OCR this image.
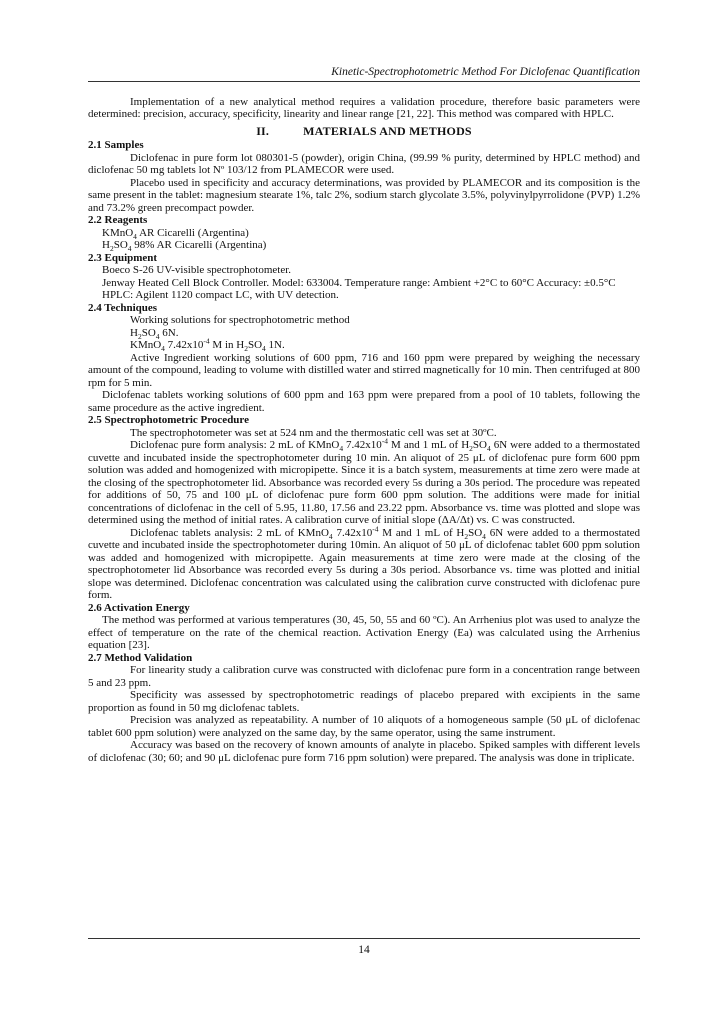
Kinetic-Spectrophotometric Method For Diclofenac Quantification

Implementation of a new analytical method requires a validation procedure, therefore basic parameters were determined: precision, accuracy, specificity, linearity and linear range [21, 22]. This method was compared with HPLC.

II.	MATERIALS AND METHODS
2.1 Samples

Diclofenac in pure form lot 080301-5 (powder), origin China, (99.99 % purity, determined by HPLC method) and diclofenac 50 mg tablets lot Nº 103/12 from PLAMECOR were used.

Placebo used in specificity and accuracy determinations, was provided by PLAMECOR and its composition is the same present in the tablet: magnesium stearate 1%, talc 2%, sodium starch glycolate 3.5%, polyvinylpyrrolidone (PVP) 1.2% and 73.2% green precompact powder.

2.2 Reagents

KMnO$_4$ AR Cicarelli (Argentina)

$H_2SO_4$ 98% AR Cicarelli (Argentina)

2.3 Equipment

Boeco S-26 UV-visible spectrophotometer.

Jenway Heated Cell Block Controller. Model: 633004. Temperature range: Ambient +2°C to 60°C Accuracy: ±0.5°C

HPLC: Agilent 1120 compact LC, with UV detection.

2.4 Techniques

Working solutions for spectrophotometric method

$H_2SO_4$ 6N.

KMnO$_4$ $7.42x10^{-4}$ M in $H_2SO_4$ 1N.

Active Ingredient working solutions of 600 ppm, 716 and 160 ppm were prepared by weighing the necessary amount of the compound, leading to volume with distilled water and stirred magnetically for 10 min. Then centrifuged at 800 rpm for 5 min.

Diclofenac tablets working solutions of 600 ppm and 163 ppm were prepared from a pool of 10 tablets, following the same procedure as the active ingredient.

2.5 Spectrophotometric Procedure

The spectrophotometer was set at 524 nm and the thermostatic cell was set at 30ºC.

Diclofenac pure form analysis: 2 mL of KMnO$_4$ $7.42x10^{-4}$ M and 1 mL of $H_2SO_4$ 6N were added to a thermostated cuvette and incubated inside the spectrophotometer during 10 min. An aliquot of 25 μL of diclofenac pure form 600 ppm solution was added and homogenized with micropipette. Since it is a batch system, measurements at time zero were made at the closing of the spectrophotometer lid. Absorbance was recorded every 5s during a 30s period. The procedure was repeated for additions of 50, 75 and 100 μL of diclofenac pure form 600 ppm solution. The additions were made for initial concentrations of diclofenac in the cell of 5.95, 11.80, 17.56 and 23.22 ppm. Absorbance vs. time was plotted and slope was determined using the method of initial rates. A calibration curve of initial slope (ΔA/Δt) vs. C was constructed.

Diclofenac tablets analysis: 2 mL of KMnO$_4$ $7.42x10^{-4}$ M and 1 mL of $H_2SO_4$ 6N were added to a thermostated cuvette and incubated inside the spectrophotometer during 10min. An aliquot of 50 μL of diclofenac tablet 600 ppm solution was added and homogenized with micropipette. Again measurements at time zero were made at the closing of the spectrophotometer lid Absorbance was recorded every 5s during a 30s period. Absorbance vs. time was plotted and initial slope was determined. Diclofenac concentration was calculated using the calibration curve constructed with diclofenac pure form.

2.6 Activation Energy

The method was performed at various temperatures (30, 45, 50, 55 and 60 ºC). An Arrhenius plot was used to analyze the effect of temperature on the rate of the chemical reaction. Activation Energy (Ea) was calculated using the Arrhenius equation [23].

2.7 Method Validation

For linearity study a calibration curve was constructed with diclofenac pure form in a concentration range between 5 and 23 ppm.

Specificity was assessed by spectrophotometric readings of placebo prepared with excipients in the same proportion as found in 50 mg diclofenac tablets.

Precision was analyzed as repeatability. A number of 10 aliquots of a homogeneous sample (50 μL of diclofenac tablet 600 ppm solution) were analyzed on the same day, by the same operator, using the same instrument.

Accuracy was based on the recovery of known amounts of analyte in placebo. Spiked samples with different levels of diclofenac (30; 60; and 90 μL diclofenac pure form 716 ppm solution) were prepared. The analysis was done in triplicate.

14
